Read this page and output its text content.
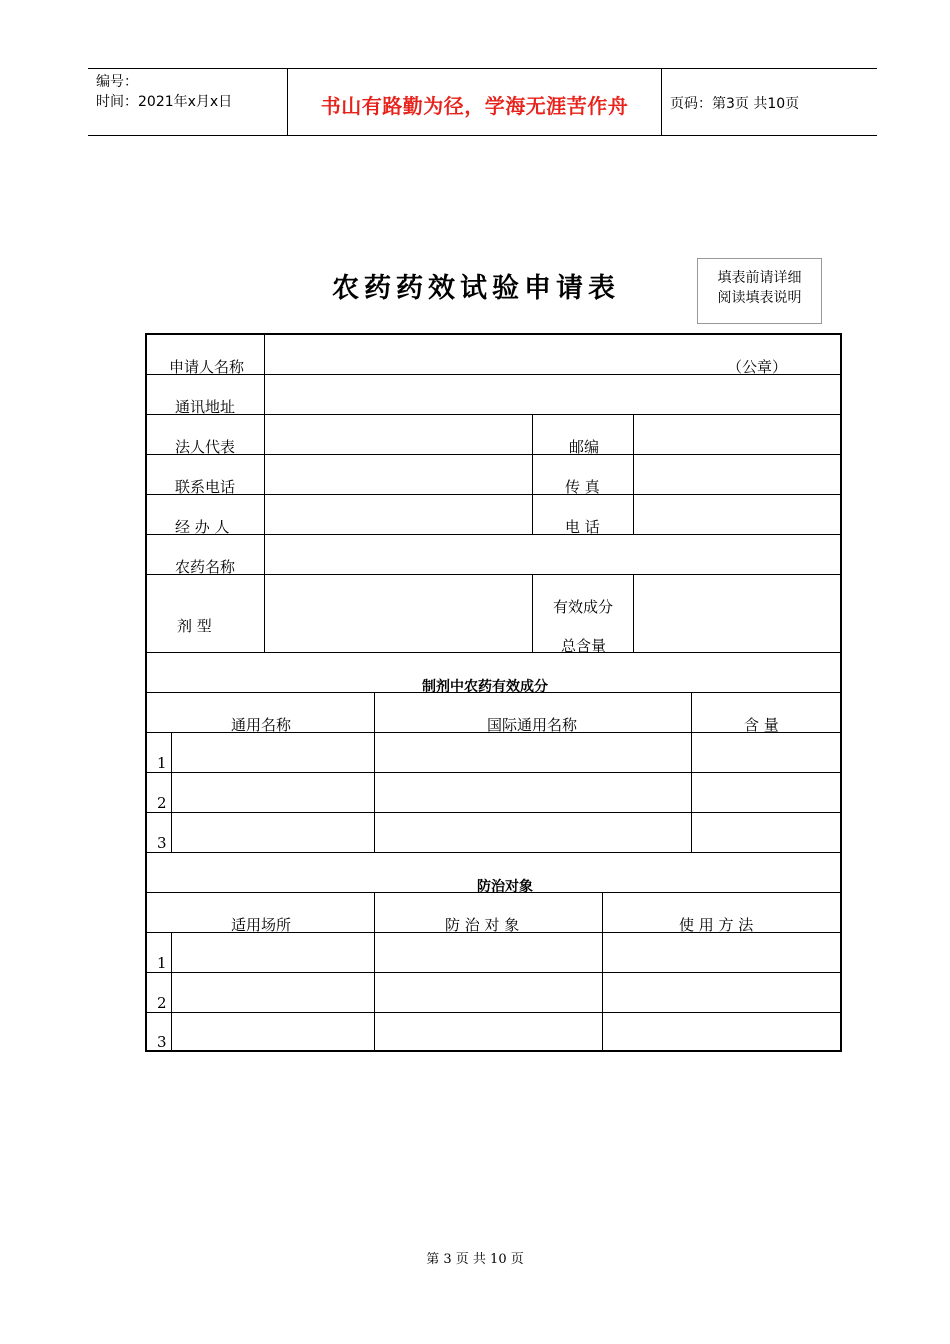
编号：
时间：2021年x月x日	书山有路勤为径，学海无涯苦作舟	页码：第3页 共10页
农药药效试验申请表	填表前请详细
阅读填表说明
申请人名称	（公章）
通讯地址
法人代表	邮编
联系电话	传 真
经 办 人	电 话
农药名称
剂 型
有效成分
总含量
制剂中农药有效成分
通用名称	国际通用名称	含 量
1
2
3
防治对象
适用场所	防 治 对 象	使 用 方 法
1
2
3
第 3 页 共 10 页
